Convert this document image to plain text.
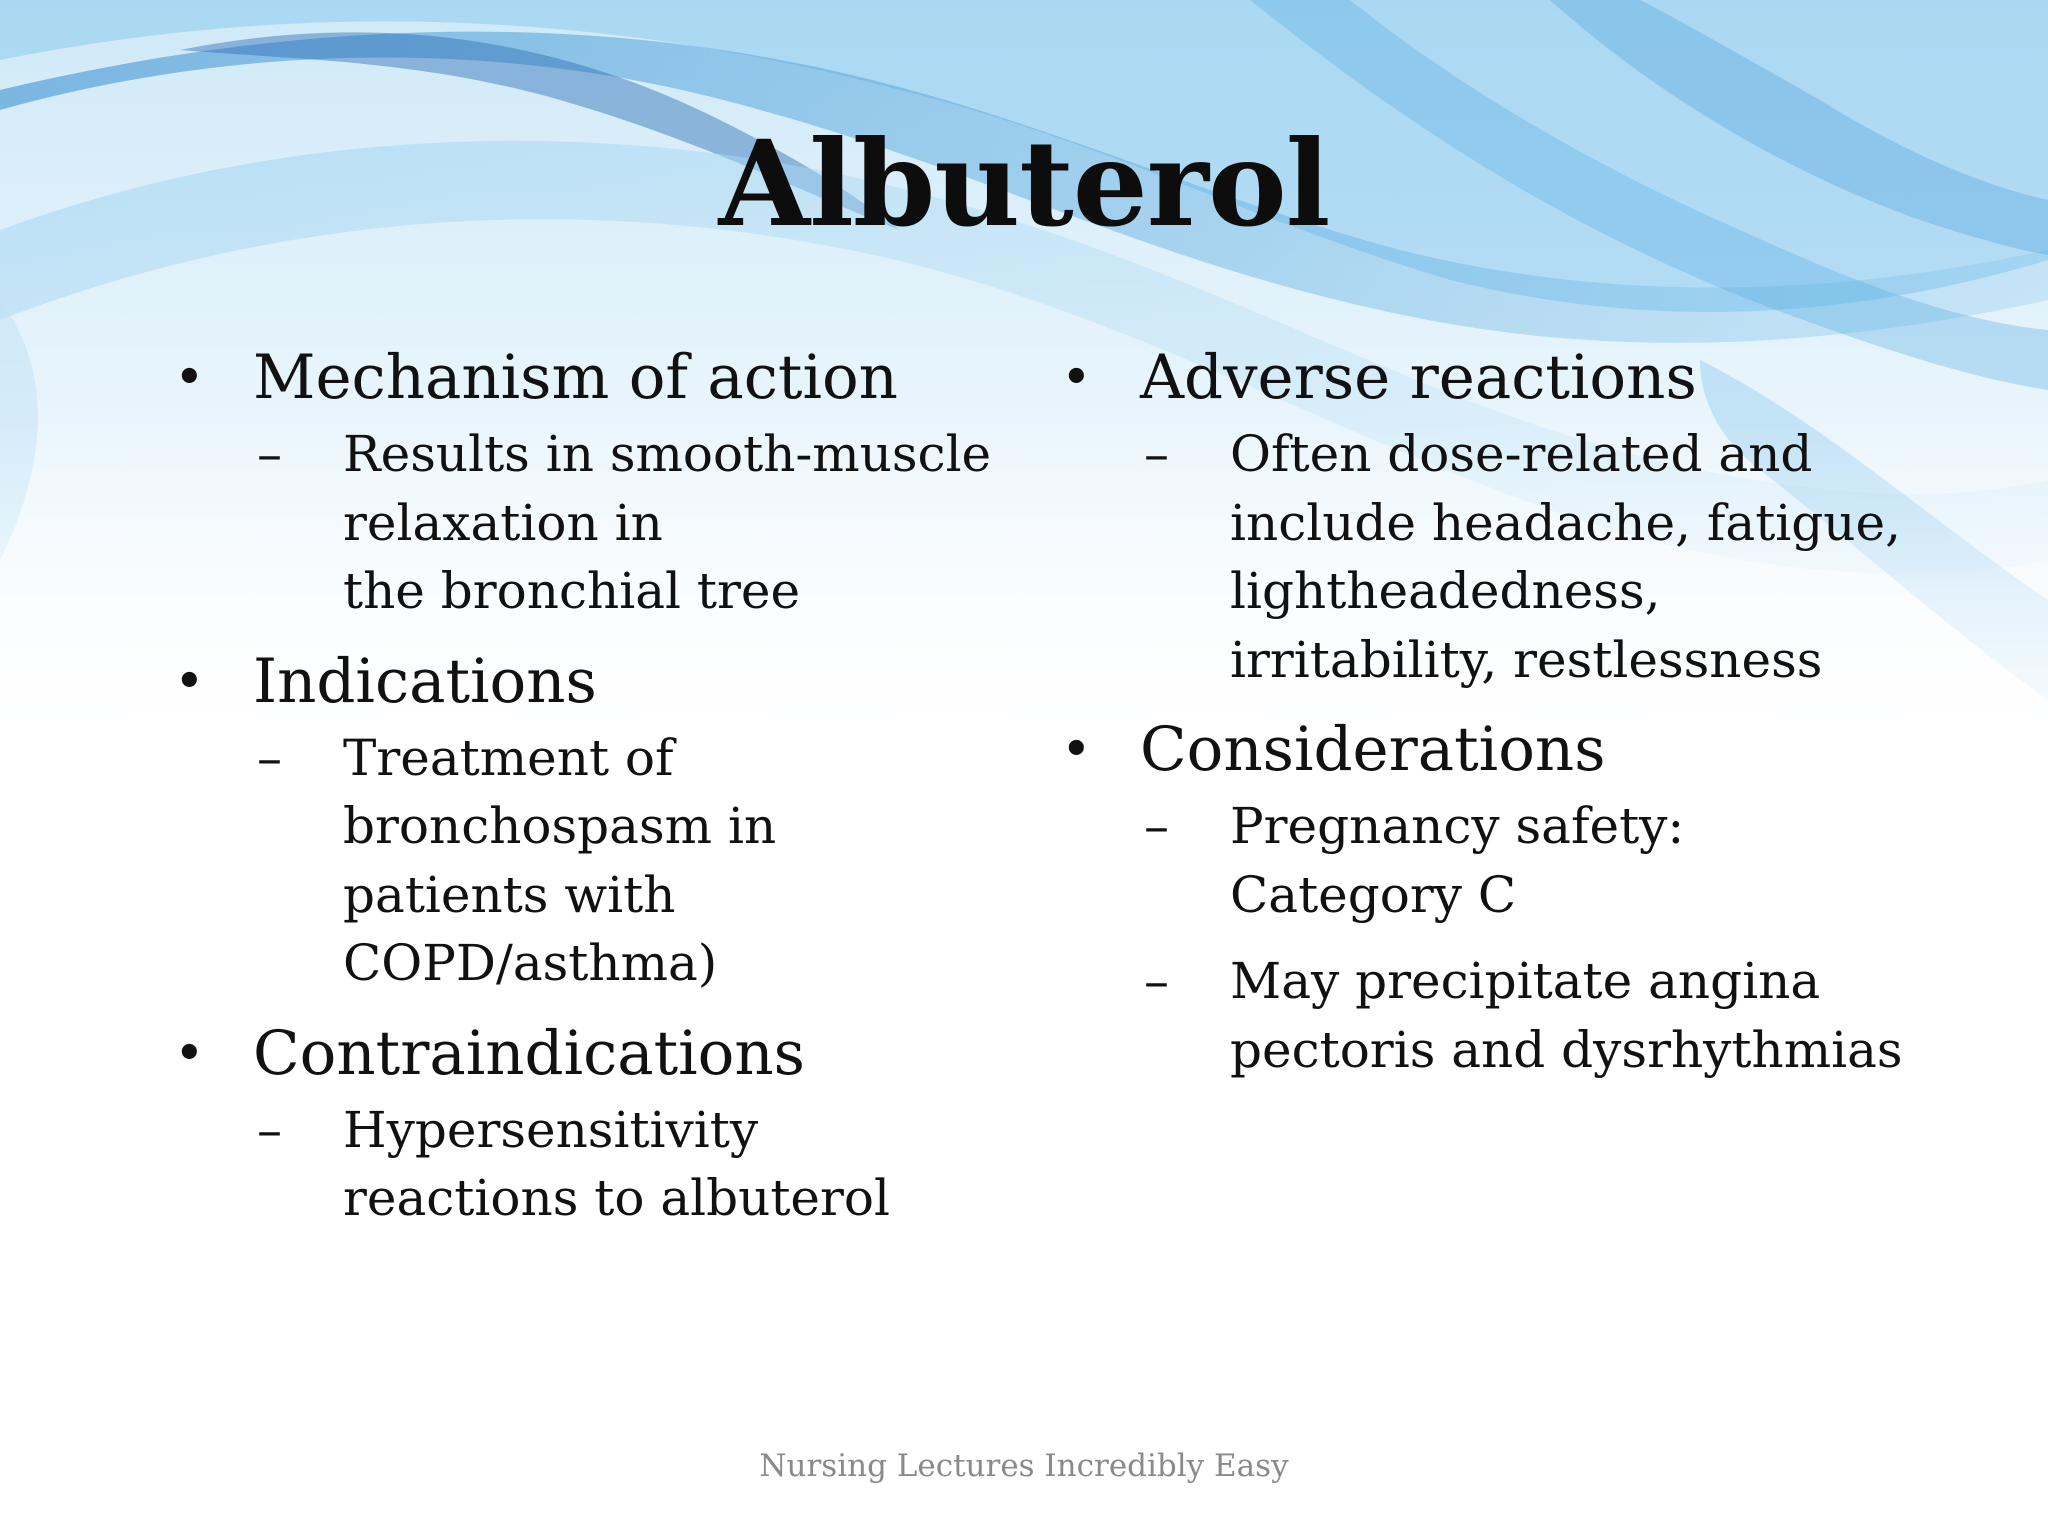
Albuterol
• Mechanism of action
– Results in smooth-muscle
relaxation in
the bronchial tree
• Indications
– Treatment of
bronchospasm in
patients with
COPD/asthma)
• Contraindications
– Hypersensitivity
reactions to albuterol
• Adverse reactions
– Often dose-related and
include headache, fatigue,
lightheadedness,
irritability, restlessness
• Considerations
– Pregnancy safety:
Category C
– May precipitate angina
pectoris and dysrhythmias
Nursing Lectures Incredibly Easy
